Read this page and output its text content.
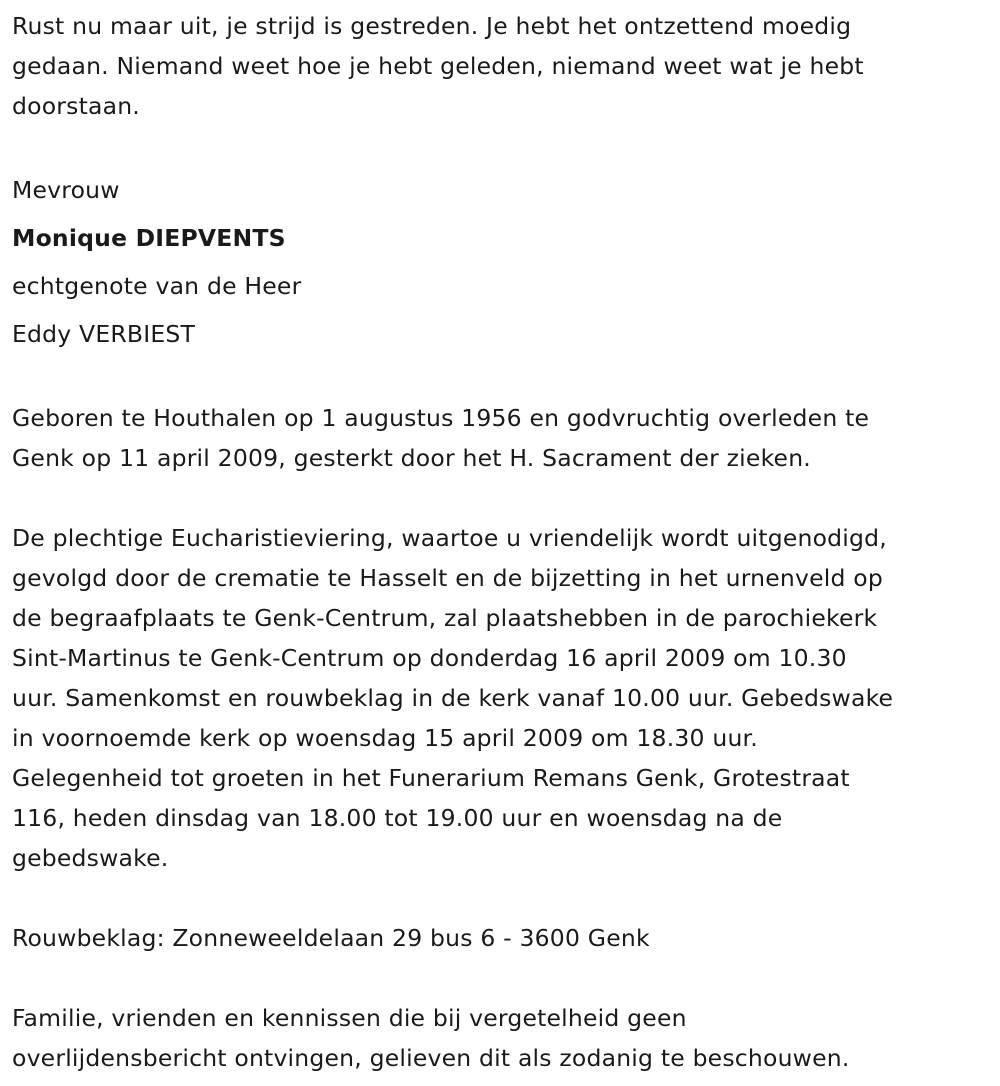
Rust nu maar uit, je strijd is gestreden. Je hebt het ontzettend moedig
gedaan. Niemand weet hoe je hebt geleden, niemand weet wat je hebt
doorstaan.

Mevrouw

Monique DIEPVENTS

echtgenote van de Heer

Eddy VERBIEST

Geboren te Houthalen op 1 augustus 1956 en godvruchtig overleden te
Genk op 11 april 2009, gesterkt door het H. Sacrament der zieken.

De plechtige Eucharistieviering, waartoe u vriendelijk wordt uitgenodigd,
gevolgd door de crematie te Hasselt en de bijzetting in het urnenveld op
de begraafplaats te Genk-Centrum, zal plaatshebben in de parochiekerk
Sint-Martinus te Genk-Centrum op donderdag 16 april 2009 om 10.30
uur. Samenkomst en rouwbeklag in de kerk vanaf 10.00 uur. Gebedswake
in voornoemde kerk op woensdag 15 april 2009 om 18.30 uur.
Gelegenheid tot groeten in het Funerarium Remans Genk, Grotestraat
116, heden dinsdag van 18.00 tot 19.00 uur en woensdag na de
gebedswake.

Rouwbeklag: Zonneweeldelaan 29 bus 6 - 3600 Genk

Familie, vrienden en kennissen die bij vergetelheid geen
overlijdensbericht ontvingen, gelieven dit als zodanig te beschouwen.
